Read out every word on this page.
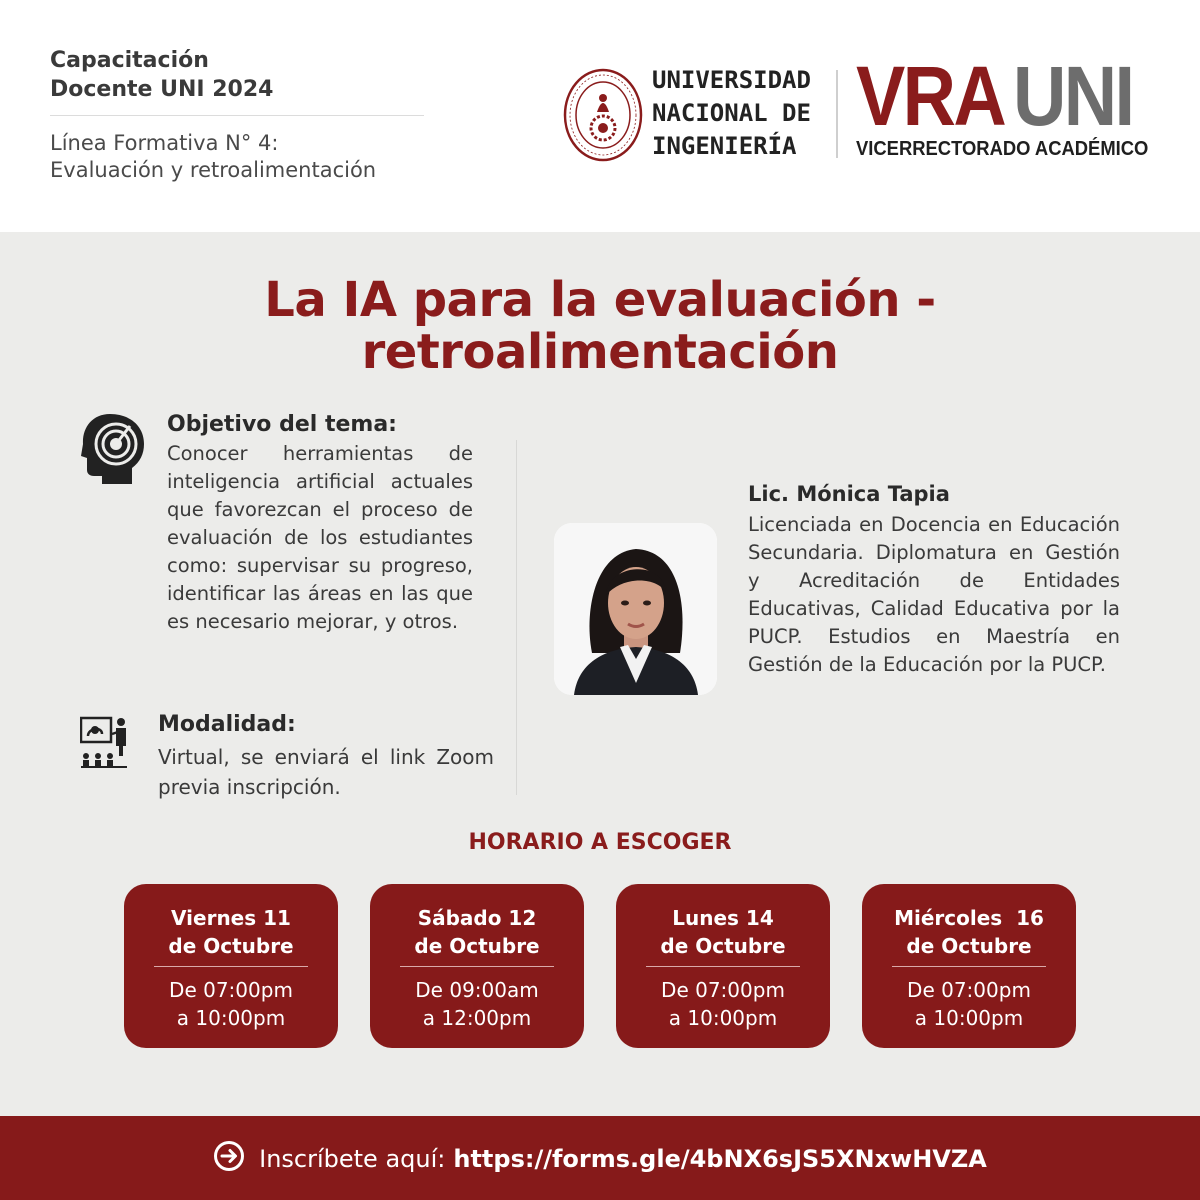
Capacitación
Docente UNI 2024
Línea Formativa N° 4:
Evaluación y retroalimentación
UNIVERSIDAD
NACIONAL DE
INGENIERÍA
VRA UNI
VICERRECTORADO ACADÉMICO
La IA para la evaluación -
retroalimentación
Objetivo del tema:
Conocer herramientas de inteligencia artificial actuales que favorezcan el proceso de evaluación de los estudiantes como: supervisar su progreso, identificar las áreas en las que es necesario mejorar, y otros.
Modalidad:
Virtual, se enviará el link Zoom previa inscripción.
Lic. Mónica Tapia
Licenciada en Docencia en Educación Secundaria. Diplomatura en Gestión y Acreditación de Entidades Educativas, Calidad Educativa por la PUCP. Estudios en Maestría en Gestión de la Educación por la PUCP.
HORARIO A ESCOGER
Viernes 11
de Octubre
De 07:00pm
a 10:00pm
Sábado 12
de Octubre
De 09:00am
a 12:00pm
Lunes 14
de Octubre
De 07:00pm
a 10:00pm
Miércoles  16
de Octubre
De 07:00pm
a 10:00pm
Inscríbete aquí: https://forms.gle/4bNX6sJS5XNxwHVZA
